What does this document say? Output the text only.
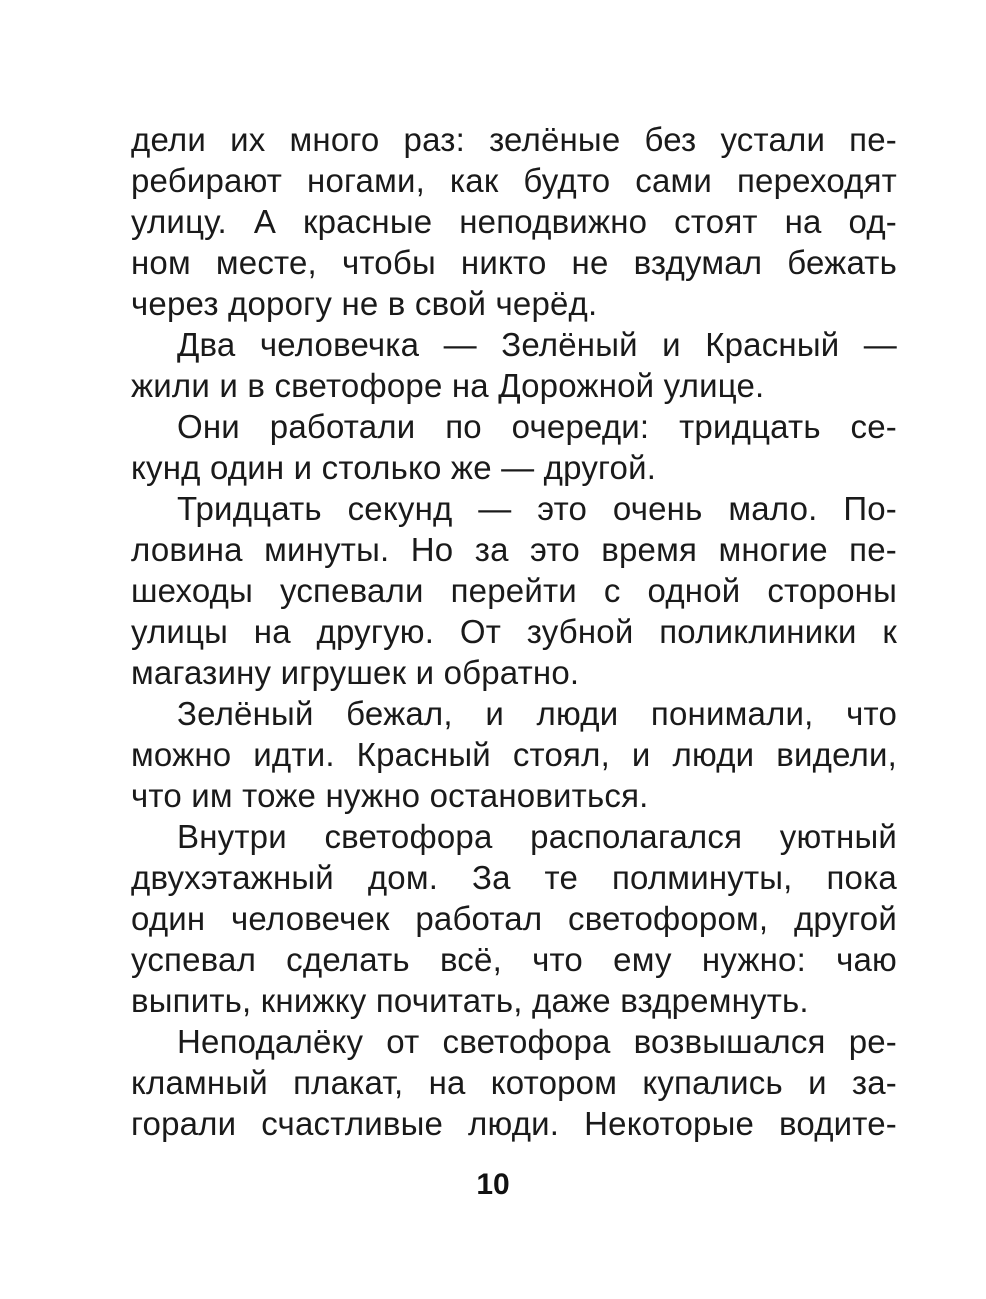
дели их много раз: зелёные без устали пе-
ребирают ногами, как будто сами переходят
улицу. А красные неподвижно стоят на од-
ном месте, чтобы никто не вздумал бежать
через дорогу не в свой черёд.
Два человечка — Зелёный и Красный —
жили и в светофоре на Дорожной улице.
Они работали по очереди: тридцать се-
кунд один и столько же — другой.
Тридцать секунд — это очень мало. По-
ловина минуты. Но за это время многие пе-
шеходы успевали перейти с одной стороны
улицы на другую. От зубной поликлиники к
магазину игрушек и обратно.
Зелёный бежал, и люди понимали, что
можно идти. Красный стоял, и люди видели,
что им тоже нужно остановиться.
Внутри светофора располагался уютный
двухэтажный дом. За те полминуты, пока
один человечек работал светофором, другой
успевал сделать всё, что ему нужно: чаю
выпить, книжку почитать, даже вздремнуть.
Неподалёку от светофора возвышался ре-
кламный плакат, на котором купались и за-
горали счастливые люди. Некоторые водите-
10
